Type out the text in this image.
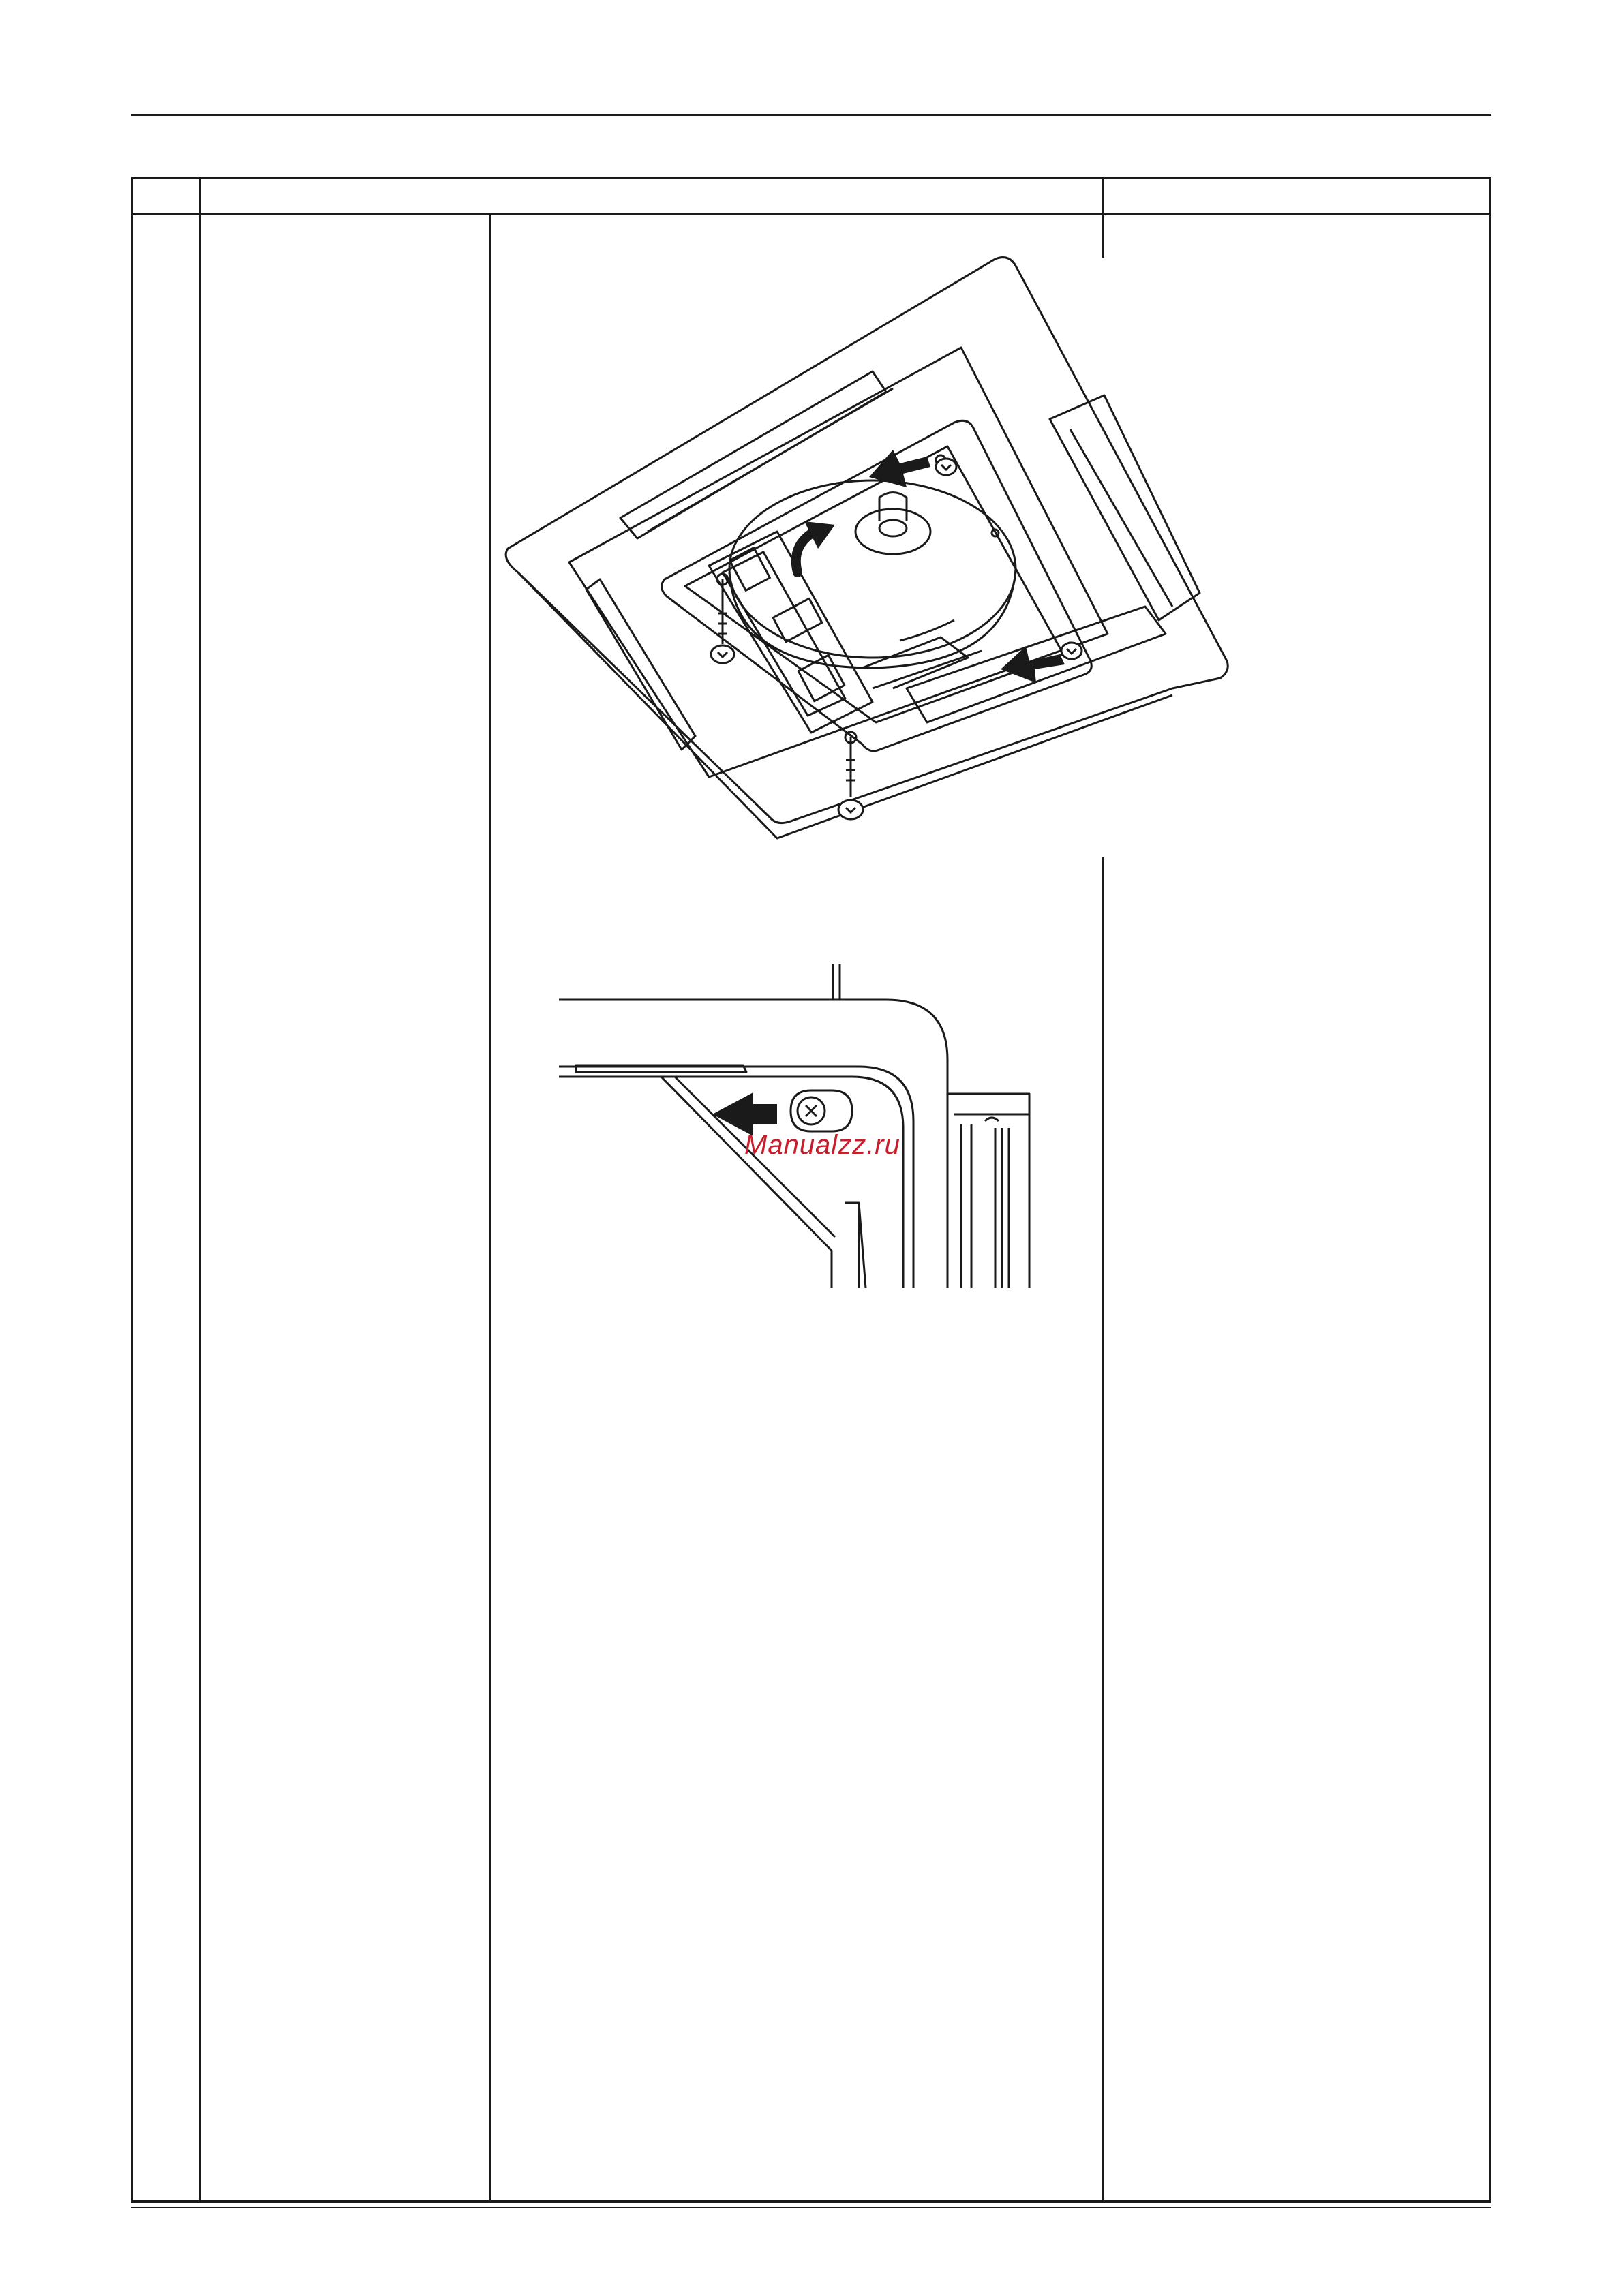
Manualzz.ru
